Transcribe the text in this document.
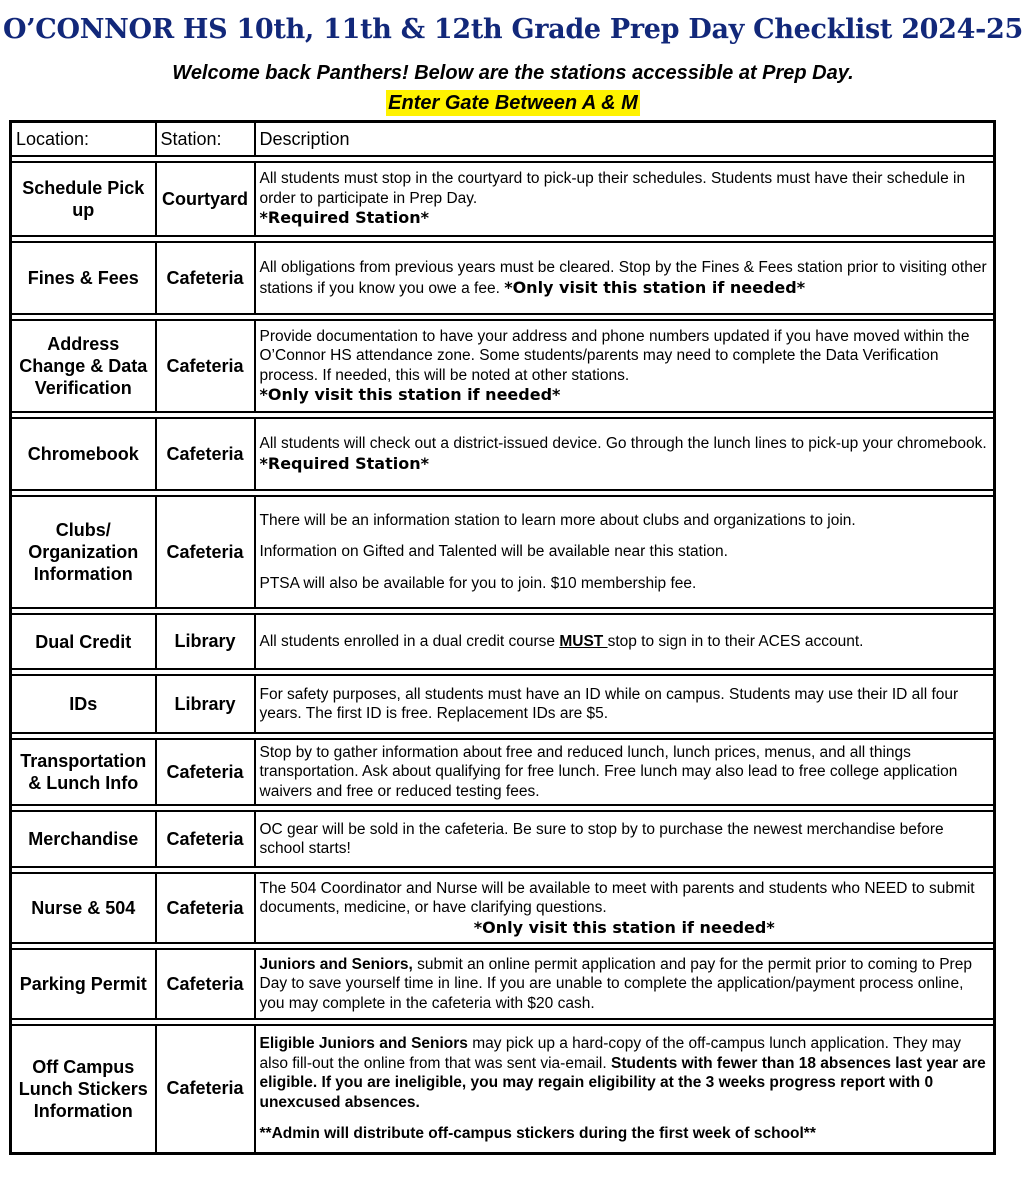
O’CONNOR HS 10th, 11th & 12th Grade Prep Day Checklist 2024-25
Welcome back Panthers! Below are the stations accessible at Prep Day.
Enter Gate Between A & M
Location:	Station:	Description

Schedule Pick up	Courtyard	All students must stop in the courtyard to pick-up their schedules. Students must have their schedule in order to participate in Prep Day.
*Required Station*

Fines & Fees	Cafeteria	All obligations from previous years must be cleared. Stop by the Fines & Fees station prior to visiting other stations if you know you owe a fee. *Only visit this station if needed*

Address Change & Data Verification	Cafeteria	Provide documentation to have your address and phone numbers updated if you have moved within the O’Connor HS attendance zone. Some students/parents may need to complete the Data Verification process. If needed, this will be noted at other stations.
*Only visit this station if needed*

Chromebook	Cafeteria	All students will check out a district-issued device. Go through the lunch lines to pick-up your chromebook.
*Required Station*

Clubs/ Organization Information	Cafeteria	There will be an information station to learn more about clubs and organizations to join.
Information on Gifted and Talented will be available near this station.
PTSA will also be available for you to join. $10 membership fee.

Dual Credit	Library	All students enrolled in a dual credit course MUST stop to sign in to their ACES account.

IDs	Library	For safety purposes, all students must have an ID while on campus. Students may use their ID all four years. The first ID is free. Replacement IDs are $5.

Transportation & Lunch Info	Cafeteria	Stop by to gather information about free and reduced lunch, lunch prices, menus, and all things transportation. Ask about qualifying for free lunch. Free lunch may also lead to free college application waivers and free or reduced testing fees.

Merchandise	Cafeteria	OC gear will be sold in the cafeteria. Be sure to stop by to purchase the newest merchandise before school starts!

Nurse & 504	Cafeteria	The 504 Coordinator and Nurse will be available to meet with parents and students who NEED to submit documents, medicine, or have clarifying questions.
*Only visit this station if needed*

Parking Permit	Cafeteria	Juniors and Seniors, submit an online permit application and pay for the permit prior to coming to Prep Day to save yourself time in line. If you are unable to complete the application/payment process online, you may complete in the cafeteria with $20 cash.

Off Campus Lunch Stickers Information	Cafeteria	Eligible Juniors and Seniors may pick up a hard-copy of the off-campus lunch application. They may also fill-out the online from that was sent via-email. Students with fewer than 18 absences last year are eligible. If you are ineligible, you may regain eligibility at the 3 weeks progress report with 0 unexcused absences.
**Admin will distribute off-campus stickers during the first week of school**
